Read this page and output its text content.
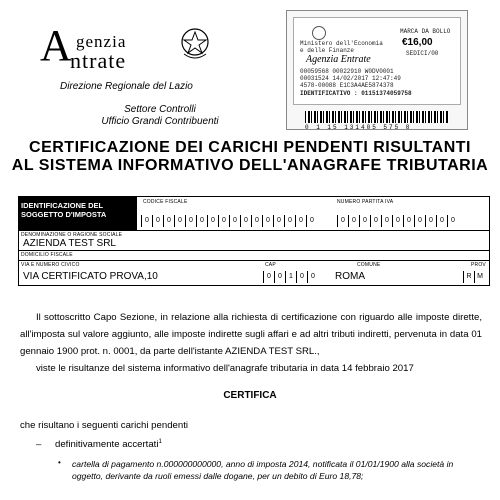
A genzia
ntrate
Direzione Regionale del Lazio
Settore Controlli
Ufficio Grandi Contribuenti
Ministero dell'Economia
e delle Finanze
MARCA DA BOLLO
€16,00
SEDICI/00
Agenzia Entrate
00059568 00022910 W0DV0001
00031524 14/02/2017 12:47:49
4578-00088 E1C3A4AE5874378
IDENTIFICATIVO : 01151374059758
0 1 15 131405 575 8
CERTIFICAZIONE DEI CARICHI PENDENTI RISULTANTI
AL SISTEMA INFORMATIVO DELL'ANAGRAFE TRIBUTARIA
IDENTIFICAZIONE DEL SOGGETTO D'IMPOSTA
CODICE FISCALE
0	0	0	0	0	0	0	0	0	0	0	0	0	0	0	0
NUMERO PARTITA IVA
0	0	0	0	0	0	0	0	0	0	0
DENOMINAZIONE O RAGIONE SOCIALE
AZIENDA TEST SRL
DOMICILIO FISCALE
VIA E NUMERO CIVICO
VIA CERTIFICATO PROVA,10
CAP
0	0	1	0	0
COMUNE
ROMA
PROV
R M
Il sottoscritto Capo Sezione, in relazione alla richiesta di certificazione con riguardo alle imposte dirette, all'imposta sul valore aggiunto, alle imposte indirette sugli affari e ad altri tributi indiretti, pervenuta in data 01 gennaio 1900 prot. n. 0001, da parte dell'istante AZIENDA TEST SRL.,
viste le risultanze del sistema informativo dell'anagrafe tributaria in data 14 febbraio 2017
CERTIFICA
che risultano i seguenti carichi pendenti
– definitivamente accertati$^1$
• cartella di pagamento n.000000000000, anno di imposta 2014, notificata il 01/01/1900 alla società in oggetto, derivante da ruoli emessi dalle dogane, per un debito di Euro 18,78;
